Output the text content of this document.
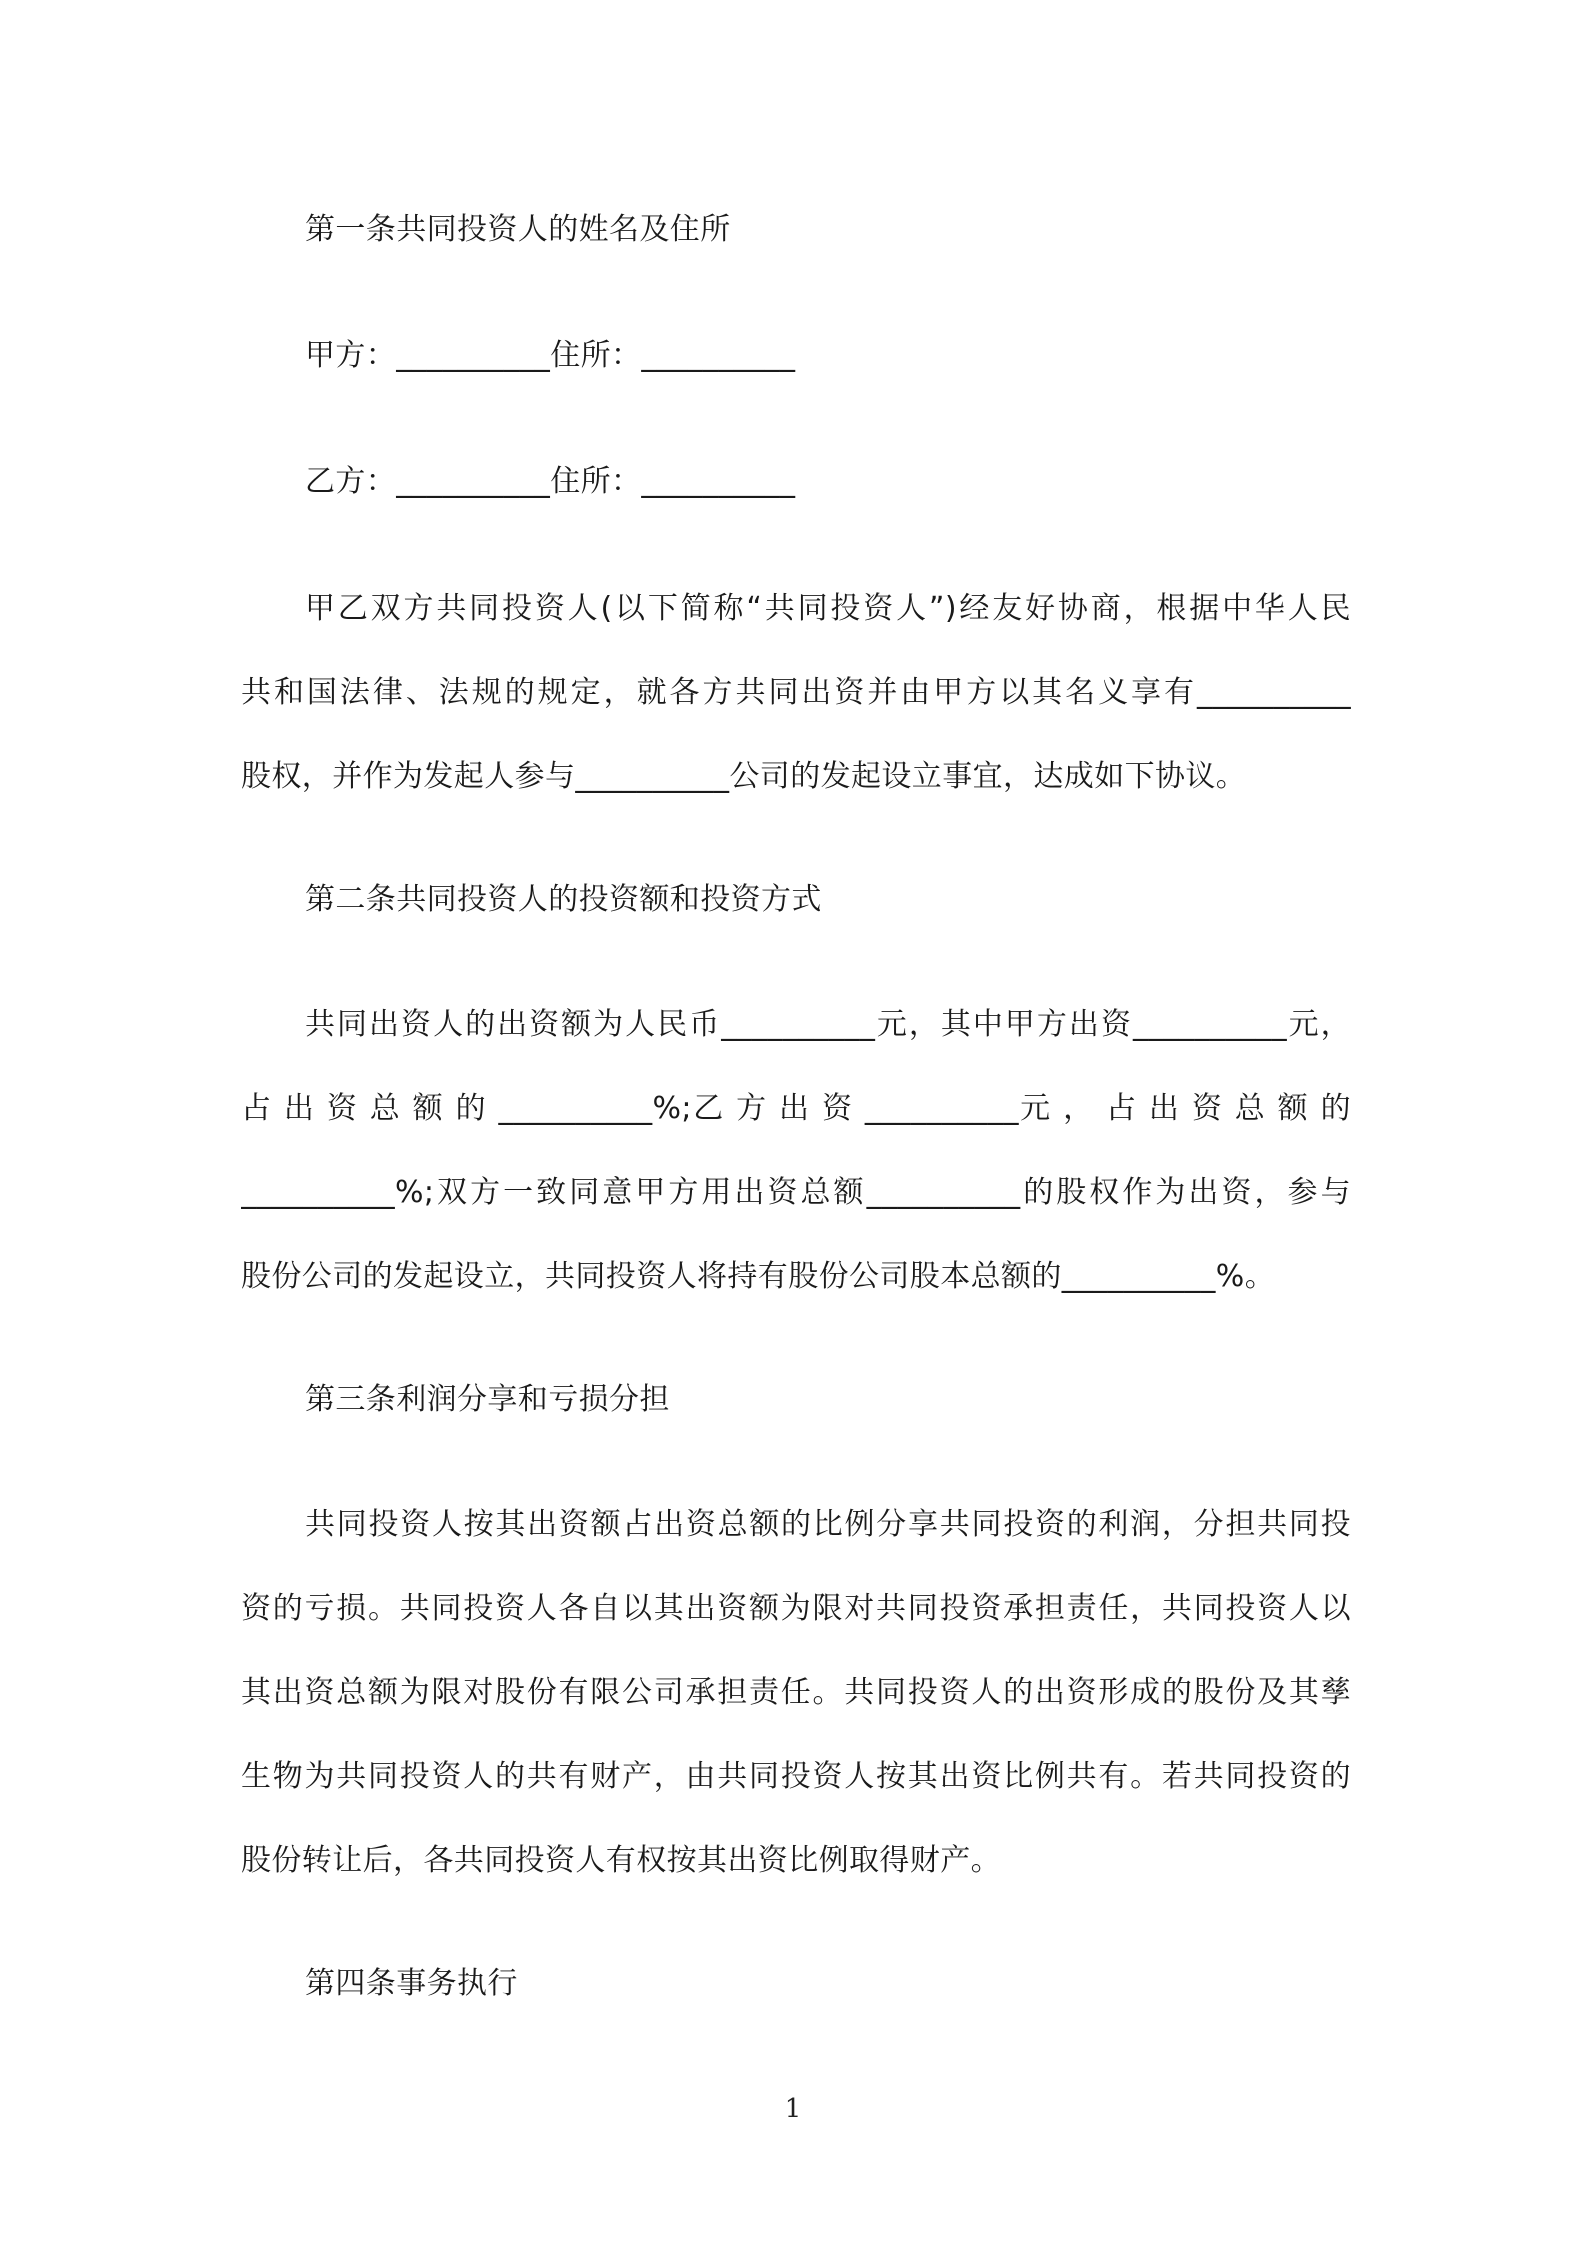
第一条共同投资人的姓名及住所
甲方：__________住所：__________
乙方：__________住所：__________
甲乙双方共同投资人(以下简称“共同投资人”)经友好协商，根据中华人民
共和国法律、法规的规定，就各方共同出资并由甲方以其名义享有__________
股权，并作为发起人参与__________公司的发起设立事宜，达成如下协议。
第二条共同投资人的投资额和投资方式
共同出资人的出资额为人民币__________元，其中甲方出资__________元，
占 出 资 总 额 的 __________%;乙 方 出 资 __________元 ， 占 出 资 总 额 的
__________%;双方一致同意甲方用出资总额__________的股权作为出资，参与
股份公司的发起设立，共同投资人将持有股份公司股本总额的__________%。
第三条利润分享和亏损分担
共同投资人按其出资额占出资总额的比例分享共同投资的利润，分担共同投
资的亏损。共同投资人各自以其出资额为限对共同投资承担责任，共同投资人以
其出资总额为限对股份有限公司承担责任。共同投资人的出资形成的股份及其孳
生物为共同投资人的共有财产，由共同投资人按其出资比例共有。若共同投资的
股份转让后，各共同投资人有权按其出资比例取得财产。
第四条事务执行
1
